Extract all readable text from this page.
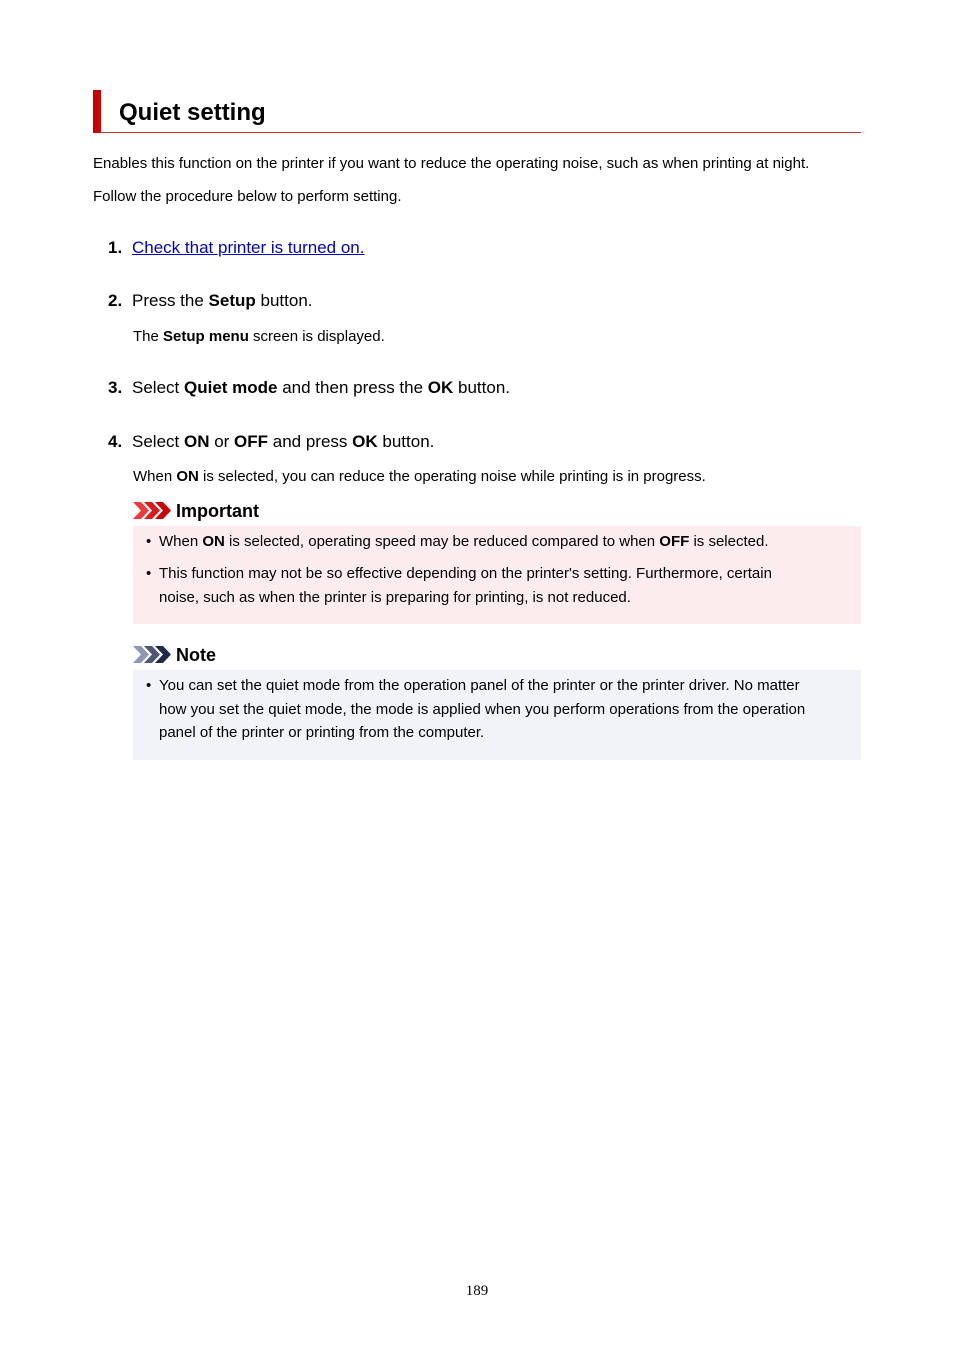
Quiet setting
Enables this function on the printer if you want to reduce the operating noise, such as when printing at night.
Follow the procedure below to perform setting.
1. Check that printer is turned on.
2. Press the Setup button.
The Setup menu screen is displayed.
3. Select Quiet mode and then press the OK button.
4. Select ON or OFF and press OK button.
When ON is selected, you can reduce the operating noise while printing is in progress.
Important
• When ON is selected, operating speed may be reduced compared to when OFF is selected.
• This function may not be so effective depending on the printer's setting. Furthermore, certain
noise, such as when the printer is preparing for printing, is not reduced.
Note
• You can set the quiet mode from the operation panel of the printer or the printer driver. No matter
how you set the quiet mode, the mode is applied when you perform operations from the operation
panel of the printer or printing from the computer.
189
